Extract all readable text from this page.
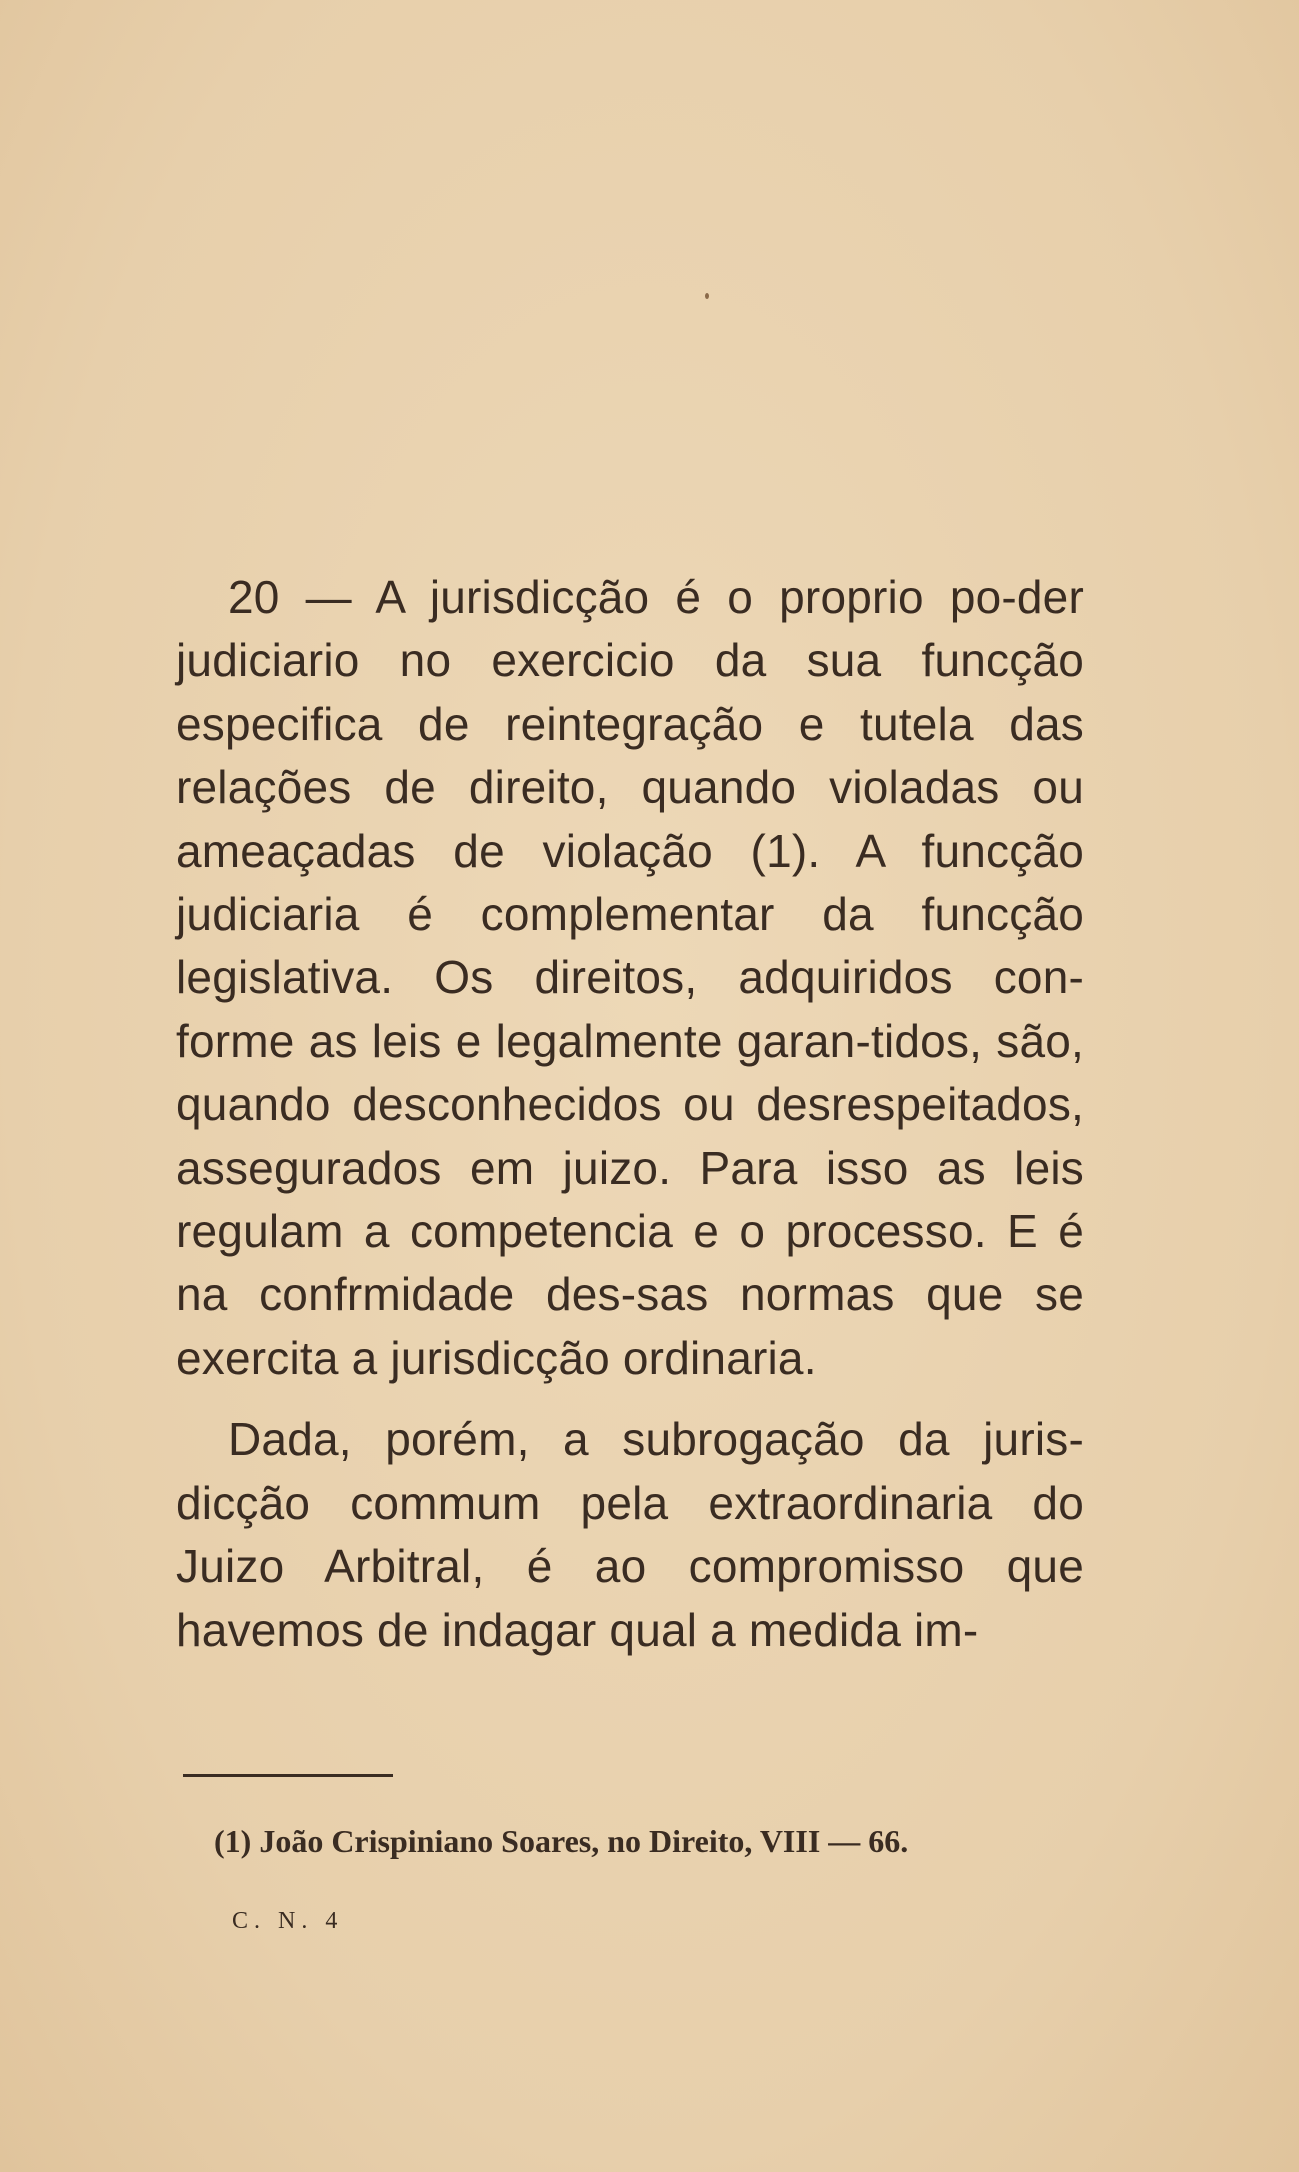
20 — A jurisdicção é o proprio po-der judiciario no exercicio da sua funcção especifica de reintegração e tutela das relações de direito, quando violadas ou ameaçadas de violação (1). A funcção judiciaria é complementar da funcção legislativa. Os direitos, adquiridos con-forme as leis e legalmente garan-tidos, são, quando desconhecidos ou desrespeitados, assegurados em juizo. Para isso as leis regulam a competencia e o processo. E é na confrmidade des-sas normas que se exercita a jurisdicção ordinaria.

Dada, porém, a subrogação da juris-dicção commum pela extraordinaria do Juizo Arbitral, é ao compromisso que havemos de indagar qual a medida im-

(1) João Crispiniano Soares, no Direito, VIII — 66.
C. N. 4
